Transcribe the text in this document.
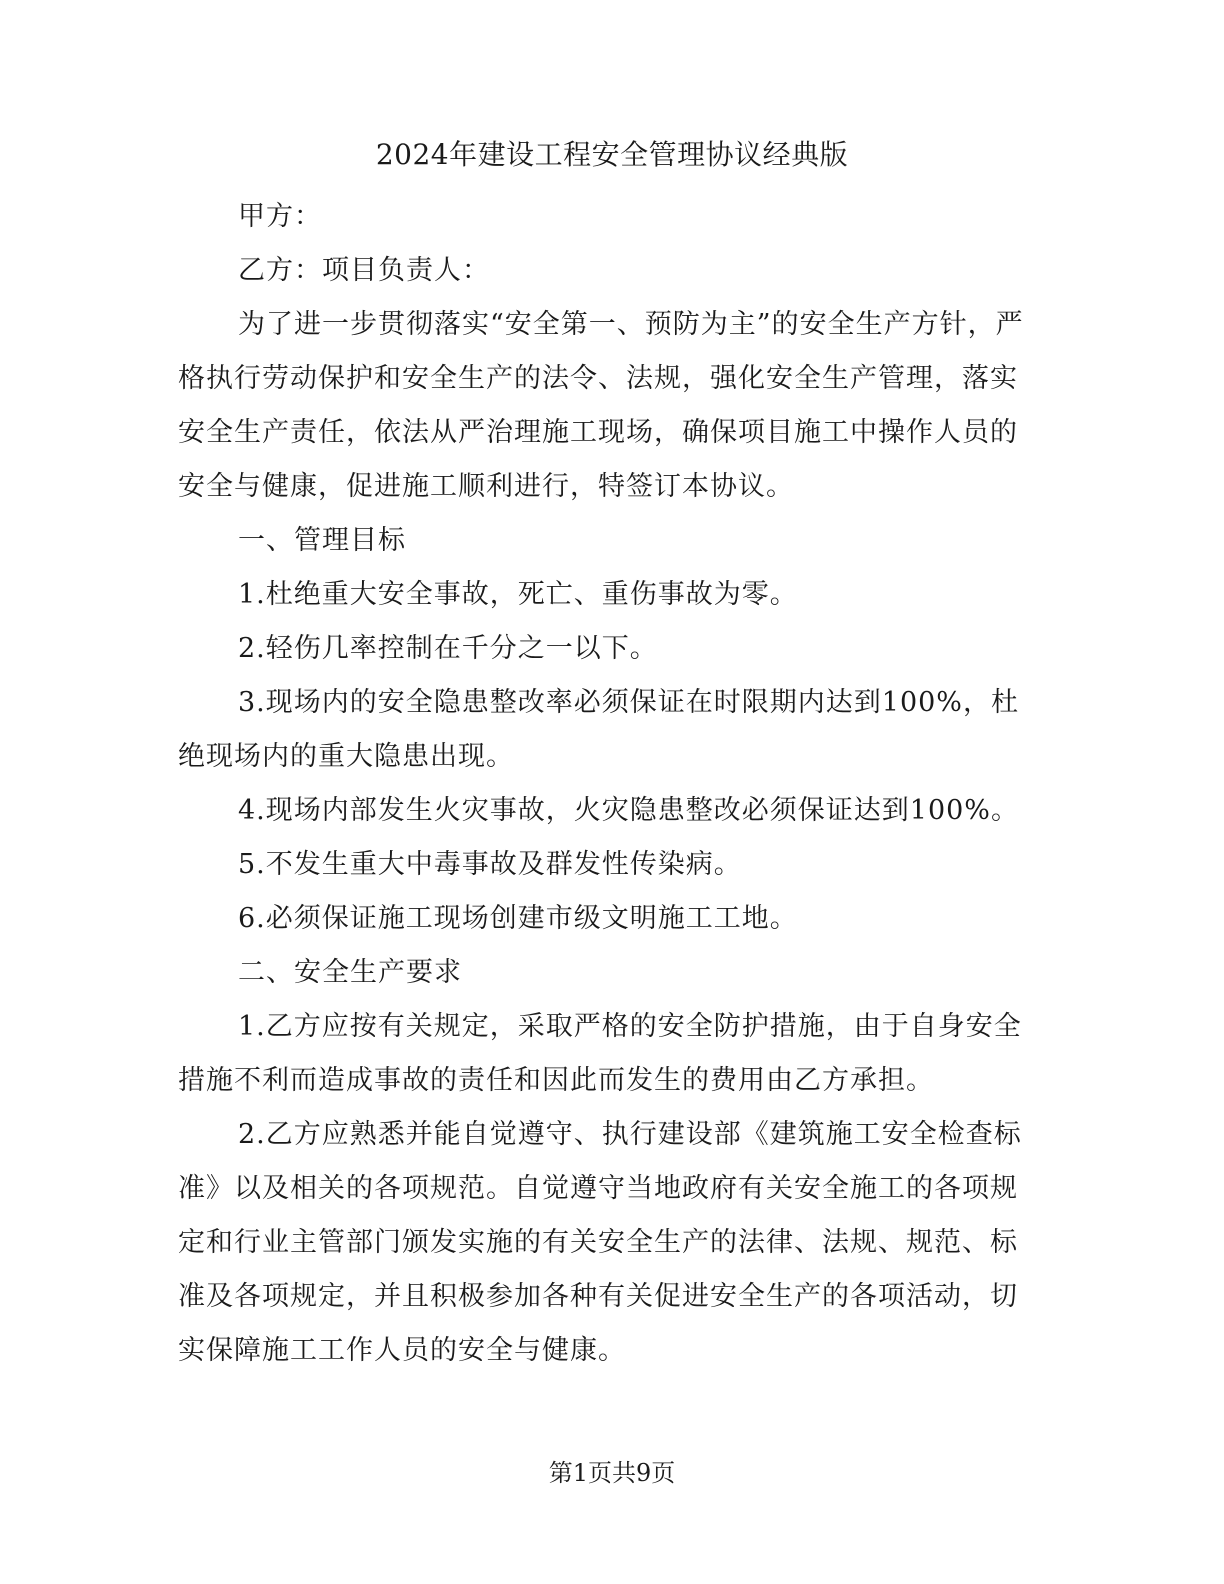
2024年建设工程安全管理协议经典版

甲方：

乙方：项目负责人：

为了进一步贯彻落实“安全第一、预防为主”的安全生产方针，严格执行劳动保护和安全生产的法令、法规，强化安全生产管理，落实安全生产责任，依法从严治理施工现场，确保项目施工中操作人员的安全与健康，促进施工顺利进行，特签订本协议。

一、管理目标

1.杜绝重大安全事故，死亡、重伤事故为零。

2.轻伤几率控制在千分之一以下。

3.现场内的安全隐患整改率必须保证在时限期内达到100%，杜绝现场内的重大隐患出现。

4.现场内部发生火灾事故，火灾隐患整改必须保证达到100%。

5.不发生重大中毒事故及群发性传染病。

6.必须保证施工现场创建市级文明施工工地。

二、安全生产要求

1.乙方应按有关规定，采取严格的安全防护措施，由于自身安全措施不利而造成事故的责任和因此而发生的费用由乙方承担。

2.乙方应熟悉并能自觉遵守、执行建设部《建筑施工安全检查标准》以及相关的各项规范。自觉遵守当地政府有关安全施工的各项规定和行业主管部门颁发实施的有关安全生产的法律、法规、规范、标准及各项规定，并且积极参加各种有关促进安全生产的各项活动，切实保障施工工作人员的安全与健康。

第1页共9页
